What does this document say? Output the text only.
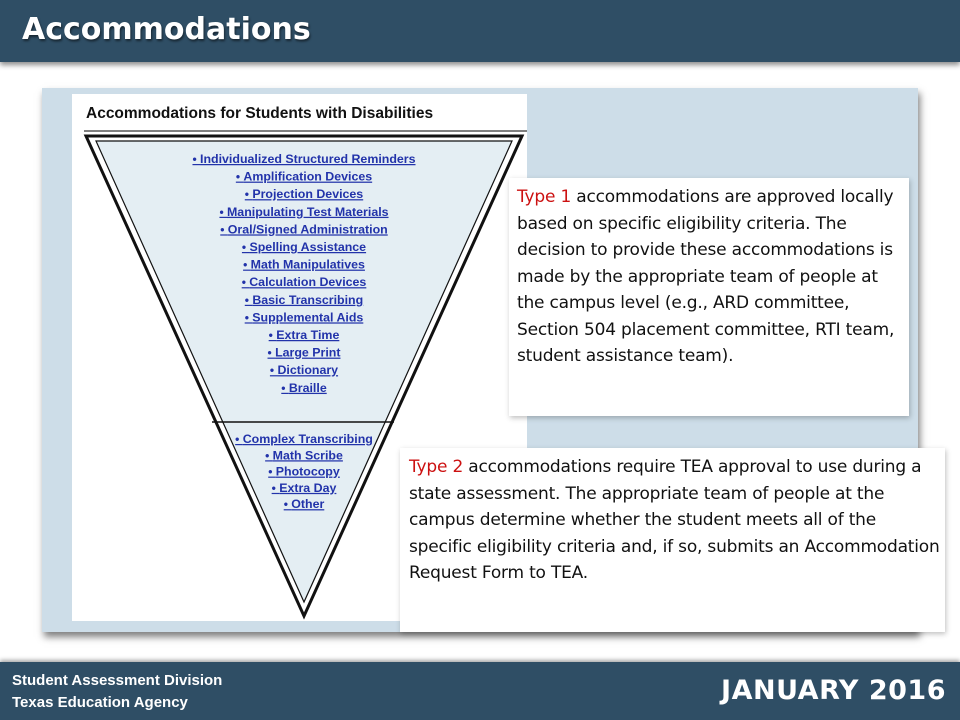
Accommodations
Accommodations for Students with Disabilities
• Individualized Structured Reminders
• Amplification Devices
• Projection Devices
• Manipulating Test Materials
• Oral/Signed Administration
• Spelling Assistance
• Math Manipulatives
• Calculation Devices
• Basic Transcribing
• Supplemental Aids
• Extra Time
• Large Print
• Dictionary
• Braille
• Complex Transcribing
• Math Scribe
• Photocopy
• Extra Day
• Other
Type 1 accommodations are approved locally based on specific eligibility criteria. The decision to provide these accommodations is made by the appropriate team of people at the campus level (e.g., ARD committee, Section 504 placement committee, RTI team, student assistance team).
Type 2 accommodations require TEA approval to use during a state assessment. The appropriate team of people at the campus determine whether the student meets all of the specific eligibility criteria and, if so, submits an Accommodation Request Form to TEA.
Student Assessment Division
Texas Education Agency	JANUARY 2016
